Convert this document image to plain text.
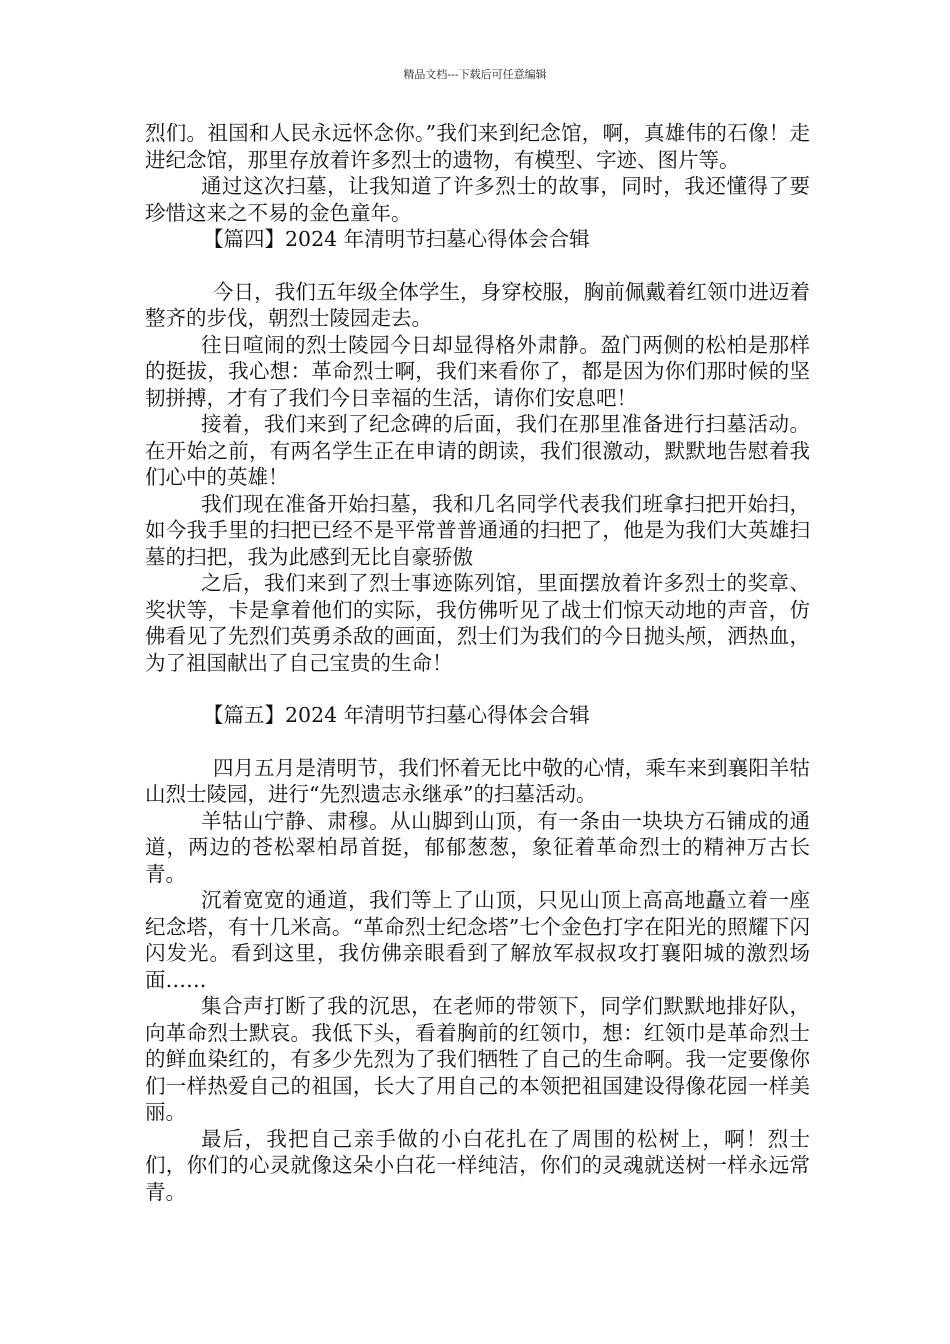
精品文档---下载后可任意编辑

烈们。祖国和人民永远怀念你。”我们来到纪念馆，啊，真雄伟的石像！走进纪念馆，那里存放着许多烈士的遗物，有模型、字迹、图片等。

通过这次扫墓，让我知道了许多烈士的故事，同时，我还懂得了要珍惜这来之不易的金色童年。

【篇四】2024 年清明节扫墓心得体会合辑

今日，我们五年级全体学生，身穿校服，胸前佩戴着红领巾进迈着整齐的步伐，朝烈士陵园走去。

往日喧闹的烈士陵园今日却显得格外肃静。盈门两侧的松柏是那样的挺拔，我心想：革命烈士啊，我们来看你了，都是因为你们那时候的坚韧拼搏，才有了我们今日幸福的生活，请你们安息吧！

接着，我们来到了纪念碑的后面，我们在那里准备进行扫墓活动。在开始之前，有两名学生正在申请的朗读，我们很激动，默默地告慰着我们心中的英雄！

我们现在准备开始扫墓，我和几名同学代表我们班拿扫把开始扫，如今我手里的扫把已经不是平常普普通通的扫把了，他是为我们大英雄扫墓的扫把，我为此感到无比自豪骄傲

之后，我们来到了烈士事迹陈列馆，里面摆放着许多烈士的奖章、奖状等，卡是拿着他们的实际，我仿佛听见了战士们惊天动地的声音，仿佛看见了先烈们英勇杀敌的画面，烈士们为我们的今日抛头颅，洒热血，为了祖国献出了自己宝贵的生命！

【篇五】2024 年清明节扫墓心得体会合辑

四月五月是清明节，我们怀着无比中敬的心情，乘车来到襄阳羊牯山烈士陵园，进行“先烈遗志永继承”的扫墓活动。

羊牯山宁静、肃穆。从山脚到山顶，有一条由一块块方石铺成的通道，两边的苍松翠柏昂首挺，郁郁葱葱，象征着革命烈士的精神万古长青。

沉着宽宽的通道，我们等上了山顶，只见山顶上高高地矗立着一座纪念塔，有十几米高。“革命烈士纪念塔”七个金色打字在阳光的照耀下闪闪发光。看到这里，我仿佛亲眼看到了解放军叔叔攻打襄阳城的激烈场面……

集合声打断了我的沉思，在老师的带领下，同学们默默地排好队，向革命烈士默哀。我低下头，看着胸前的红领巾，想：红领巾是革命烈士的鲜血染红的，有多少先烈为了我们牺牲了自己的生命啊。我一定要像你们一样热爱自己的祖国，长大了用自己的本领把祖国建设得像花园一样美丽。

最后，我把自己亲手做的小白花扎在了周围的松树上，啊！烈士们，你们的心灵就像这朵小白花一样纯洁，你们的灵魂就送树一样永远常青。
